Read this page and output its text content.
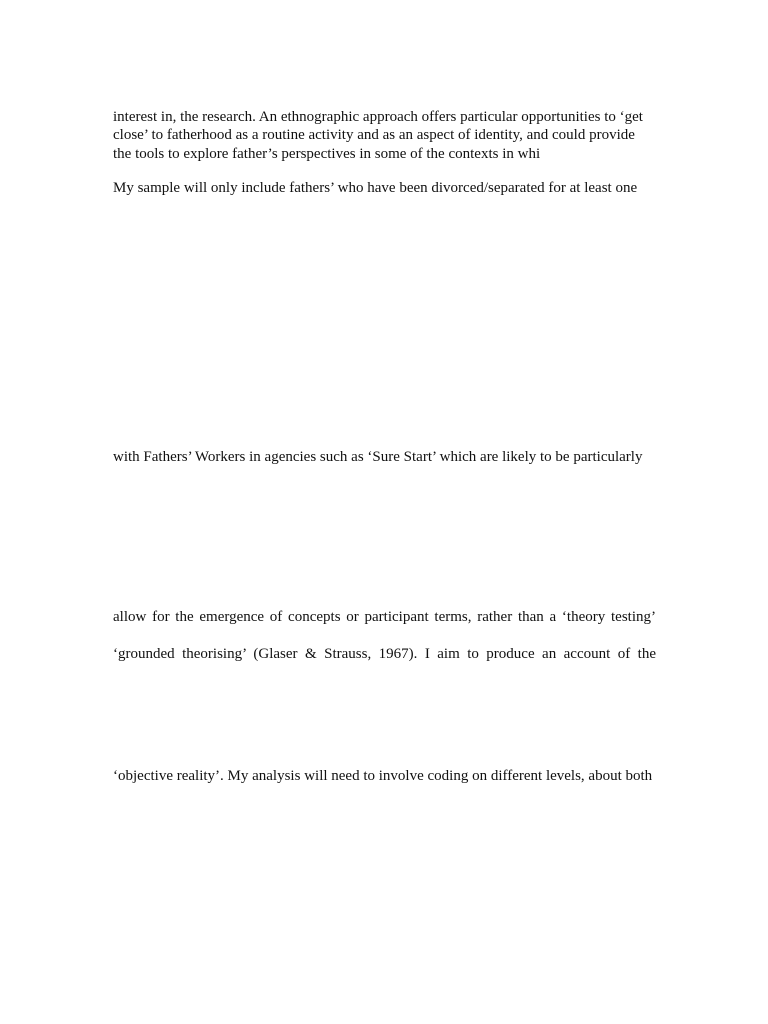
interest in, the research. An ethnographic approach offers particular opportunities to ‘get

close’ to fatherhood as a routine activity and as an aspect of identity, and could provide

the tools to explore father’s perspectives in some of the contexts in whi

My sample will only include fathers’ who have been divorced/separated for at least one

with Fathers’ Workers in agencies such as ‘Sure Start’ which are likely to be particularly

allow for the emergence of concepts or participant terms, rather than a ‘theory testing’

‘grounded theorising’ (Glaser & Strauss, 1967). I aim to produce an account of the

‘objective reality’. My analysis will need to involve coding on different levels, about both
